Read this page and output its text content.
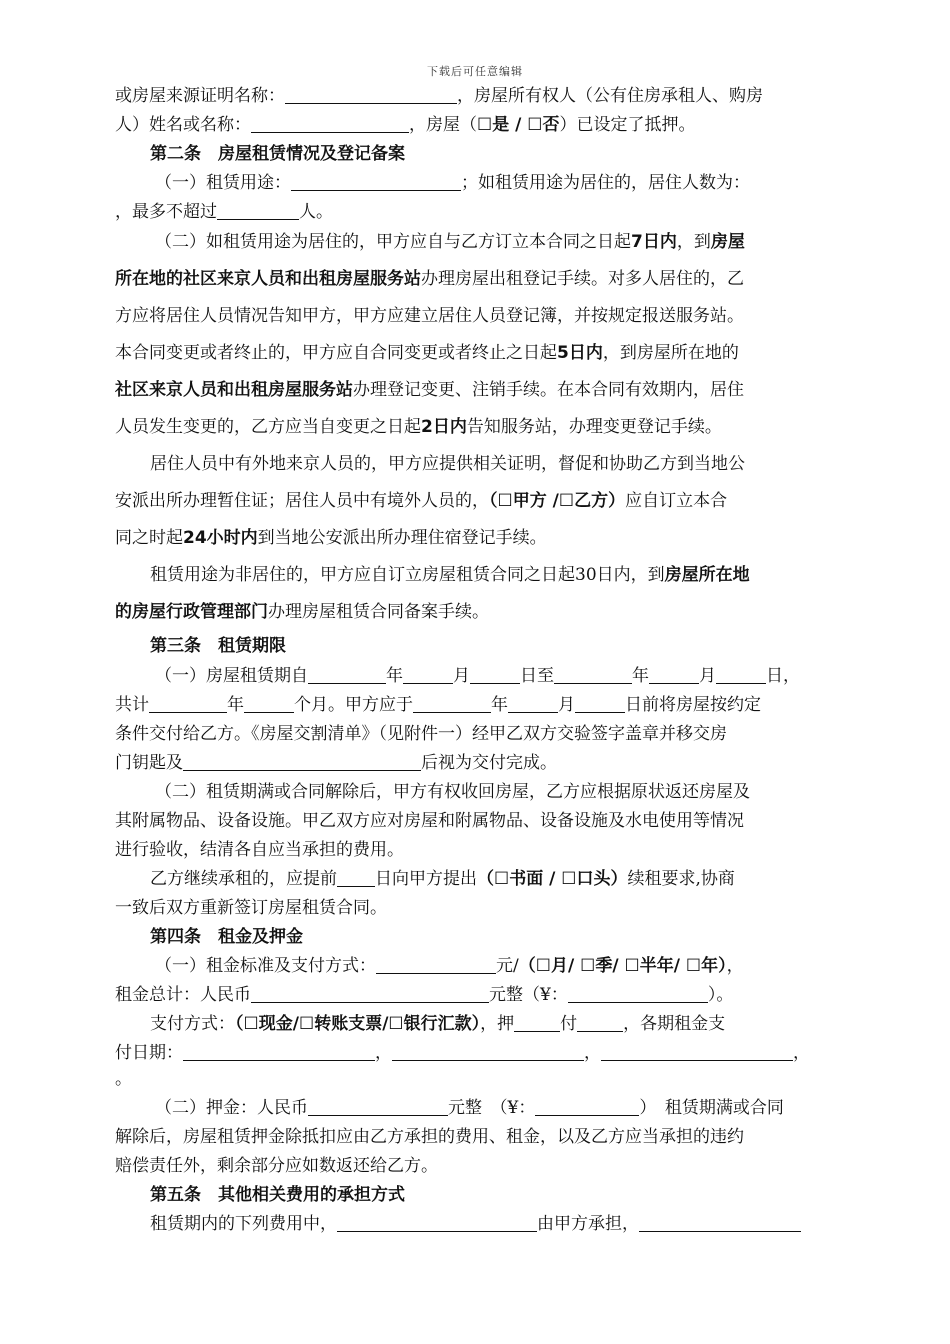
下载后可任意编辑
或房屋来源证明名称：	，房屋所有权人（公有住房承租人、购房
人）姓名或名称：	，房屋（☐是 / ☐否）已设定了抵押。
第二条　房屋租赁情况及登记备案
（一）租赁用途：	；如租赁用途为居住的，居住人数为：
，最多不超过	人。
（二）如租赁用途为居住的，甲方应自与乙方订立本合同之日起7日内，到房屋
所在地的社区来京人员和出租房屋服务站办理房屋出租登记手续。对多人居住的，乙
方应将居住人员情况告知甲方，甲方应建立居住人员登记簿，并按规定报送服务站。
本合同变更或者终止的，甲方应自合同变更或者终止之日起5日内，到房屋所在地的
社区来京人员和出租房屋服务站办理登记变更、注销手续。在本合同有效期内，居住
人员发生变更的，乙方应当自变更之日起2日内告知服务站，办理变更登记手续。
居住人员中有外地来京人员的，甲方应提供相关证明，督促和协助乙方到当地公
安派出所办理暂住证；居住人员中有境外人员的，（☐甲方 /☐乙方）应自订立本合
同之时起24小时内到当地公安派出所办理住宿登记手续。
租赁用途为非居住的，甲方应自订立房屋租赁合同之日起30日内，到房屋所在地
的房屋行政管理部门办理房屋租赁合同备案手续。
第三条　租赁期限
（一）房屋租赁期自	年	月	日至	年	月	日，
共计	年	个月。甲方应于	年	月	日前将房屋按约定
条件交付给乙方。《房屋交割清单》（见附件一）经甲乙双方交验签字盖章并移交房
门钥匙及	后视为交付完成。
（二）租赁期满或合同解除后，甲方有权收回房屋，乙方应根据原状返还房屋及
其附属物品、设备设施。甲乙双方应对房屋和附属物品、设备设施及水电使用等情况
进行验收，结清各自应当承担的费用。
乙方继续承租的，应提前 日向甲方提出（☐书面 / ☐口头）续租要求,协商
一致后双方重新签订房屋租赁合同。
第四条　租金及押金
（一）租金标准及支付方式：	元/（☐月/ ☐季/ ☐半年/ ☐年），
租金总计：人民币	元整（¥：	）。
支付方式：（☐现金/☐转账支票/☐银行汇款），押	付	，各期租金支
付日期：	，	，	，
。
（二）押金：人民币	元整　（¥：	）　租赁期满或合同
解除后，房屋租赁押金除抵扣应由乙方承担的费用、租金，以及乙方应当承担的违约
赔偿责任外，剩余部分应如数返还给乙方。
第五条　其他相关费用的承担方式
租赁期内的下列费用中，	由甲方承担，
